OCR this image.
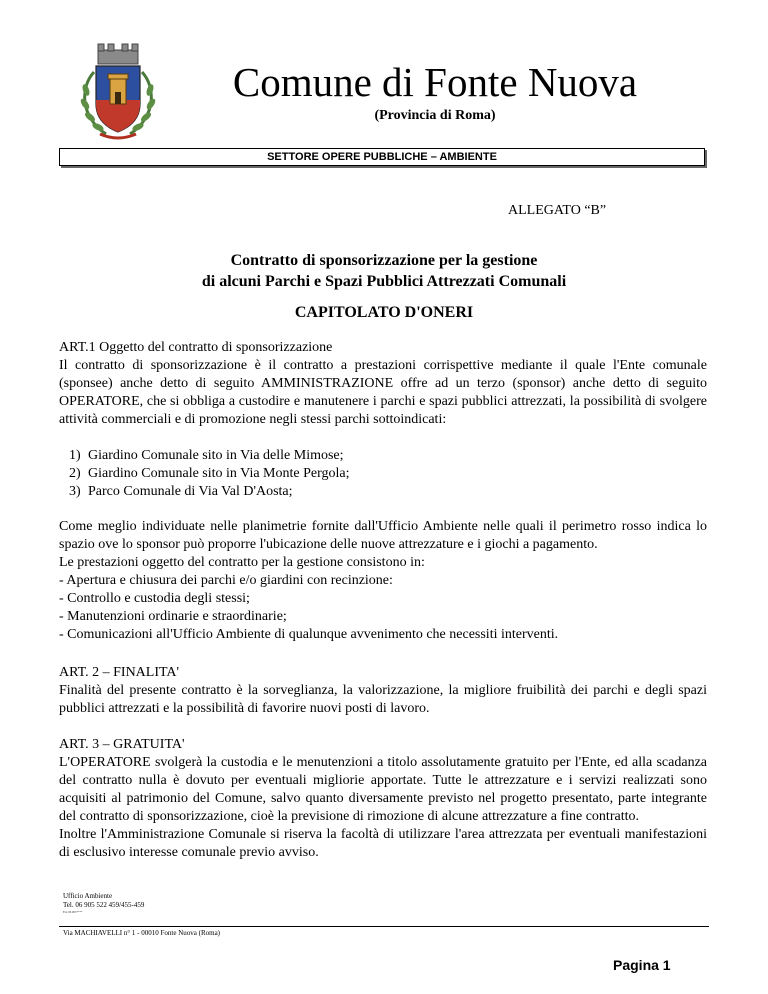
Comune di Fonte Nuova
(Provincia di Roma)
SETTORE OPERE PUBBLICHE – AMBIENTE
ALLEGATO “B”
Contratto di sponsorizzazione per la gestione
di alcuni Parchi e Spazi Pubblici Attrezzati Comunali
CAPITOLATO D'ONERI
ART.1 Oggetto del contratto di sponsorizzazione
Il contratto di sponsorizzazione è il contratto a prestazioni corrispettive mediante il quale l'Ente comunale (sponsee) anche detto di seguito AMMINISTRAZIONE offre ad un terzo (sponsor) anche detto di seguito OPERATORE, che si obbliga a custodire e manutenere i parchi e spazi pubblici attrezzati, la possibilità di svolgere attività commerciali e di promozione negli stessi parchi sottoindicati:
1) Giardino Comunale sito in Via delle Mimose;
2) Giardino Comunale sito in Via Monte Pergola;
3) Parco Comunale di Via Val D'Aosta;
Come meglio individuate nelle planimetrie fornite dall'Ufficio Ambiente nelle quali il perimetro rosso indica lo spazio ove lo sponsor può proporre l'ubicazione delle nuove attrezzature e i giochi a pagamento.
Le prestazioni oggetto del contratto per la gestione consistono in:
- Apertura e chiusura dei parchi e/o giardini con recinzione:
- Controllo e custodia degli stessi;
- Manutenzioni ordinarie e straordinarie;
- Comunicazioni all'Ufficio Ambiente di qualunque avvenimento che necessiti interventi.
ART. 2 – FINALITA'
Finalità del presente contratto è la sorveglianza, la valorizzazione, la migliore fruibilità dei parchi e degli spazi pubblici attrezzati e la possibilità di favorire nuovi posti di lavoro.
ART. 3 – GRATUITA'
L'OPERATORE svolgerà la custodia e le menutenzioni a titolo assolutamente gratuito per l'Ente, ed alla scadanza del contratto nulla è dovuto per eventuali migliorie apportate. Tutte le attrezzature e i servizi realizzati sono acquisiti al patrimonio del Comune, salvo quanto diversamente previsto nel progetto presentato, parte integrante del contratto di sponsorizzazione, cioè la previsione di rimozione di alcune attrezzature a fine contratto.
Inoltre l'Amministrazione Comunale si riserva la facoltà di utilizzare l'area attrezzata per eventuali manifestazioni di esclusivo interesse comunale previo avviso.
Ufficio Ambiente
Tel. 06 905 522 459/455-459
Fax 06 905****
Via MACHIAVELLI n° 1 - 00010 Fonte Nuova (Roma)
Pagina 1
